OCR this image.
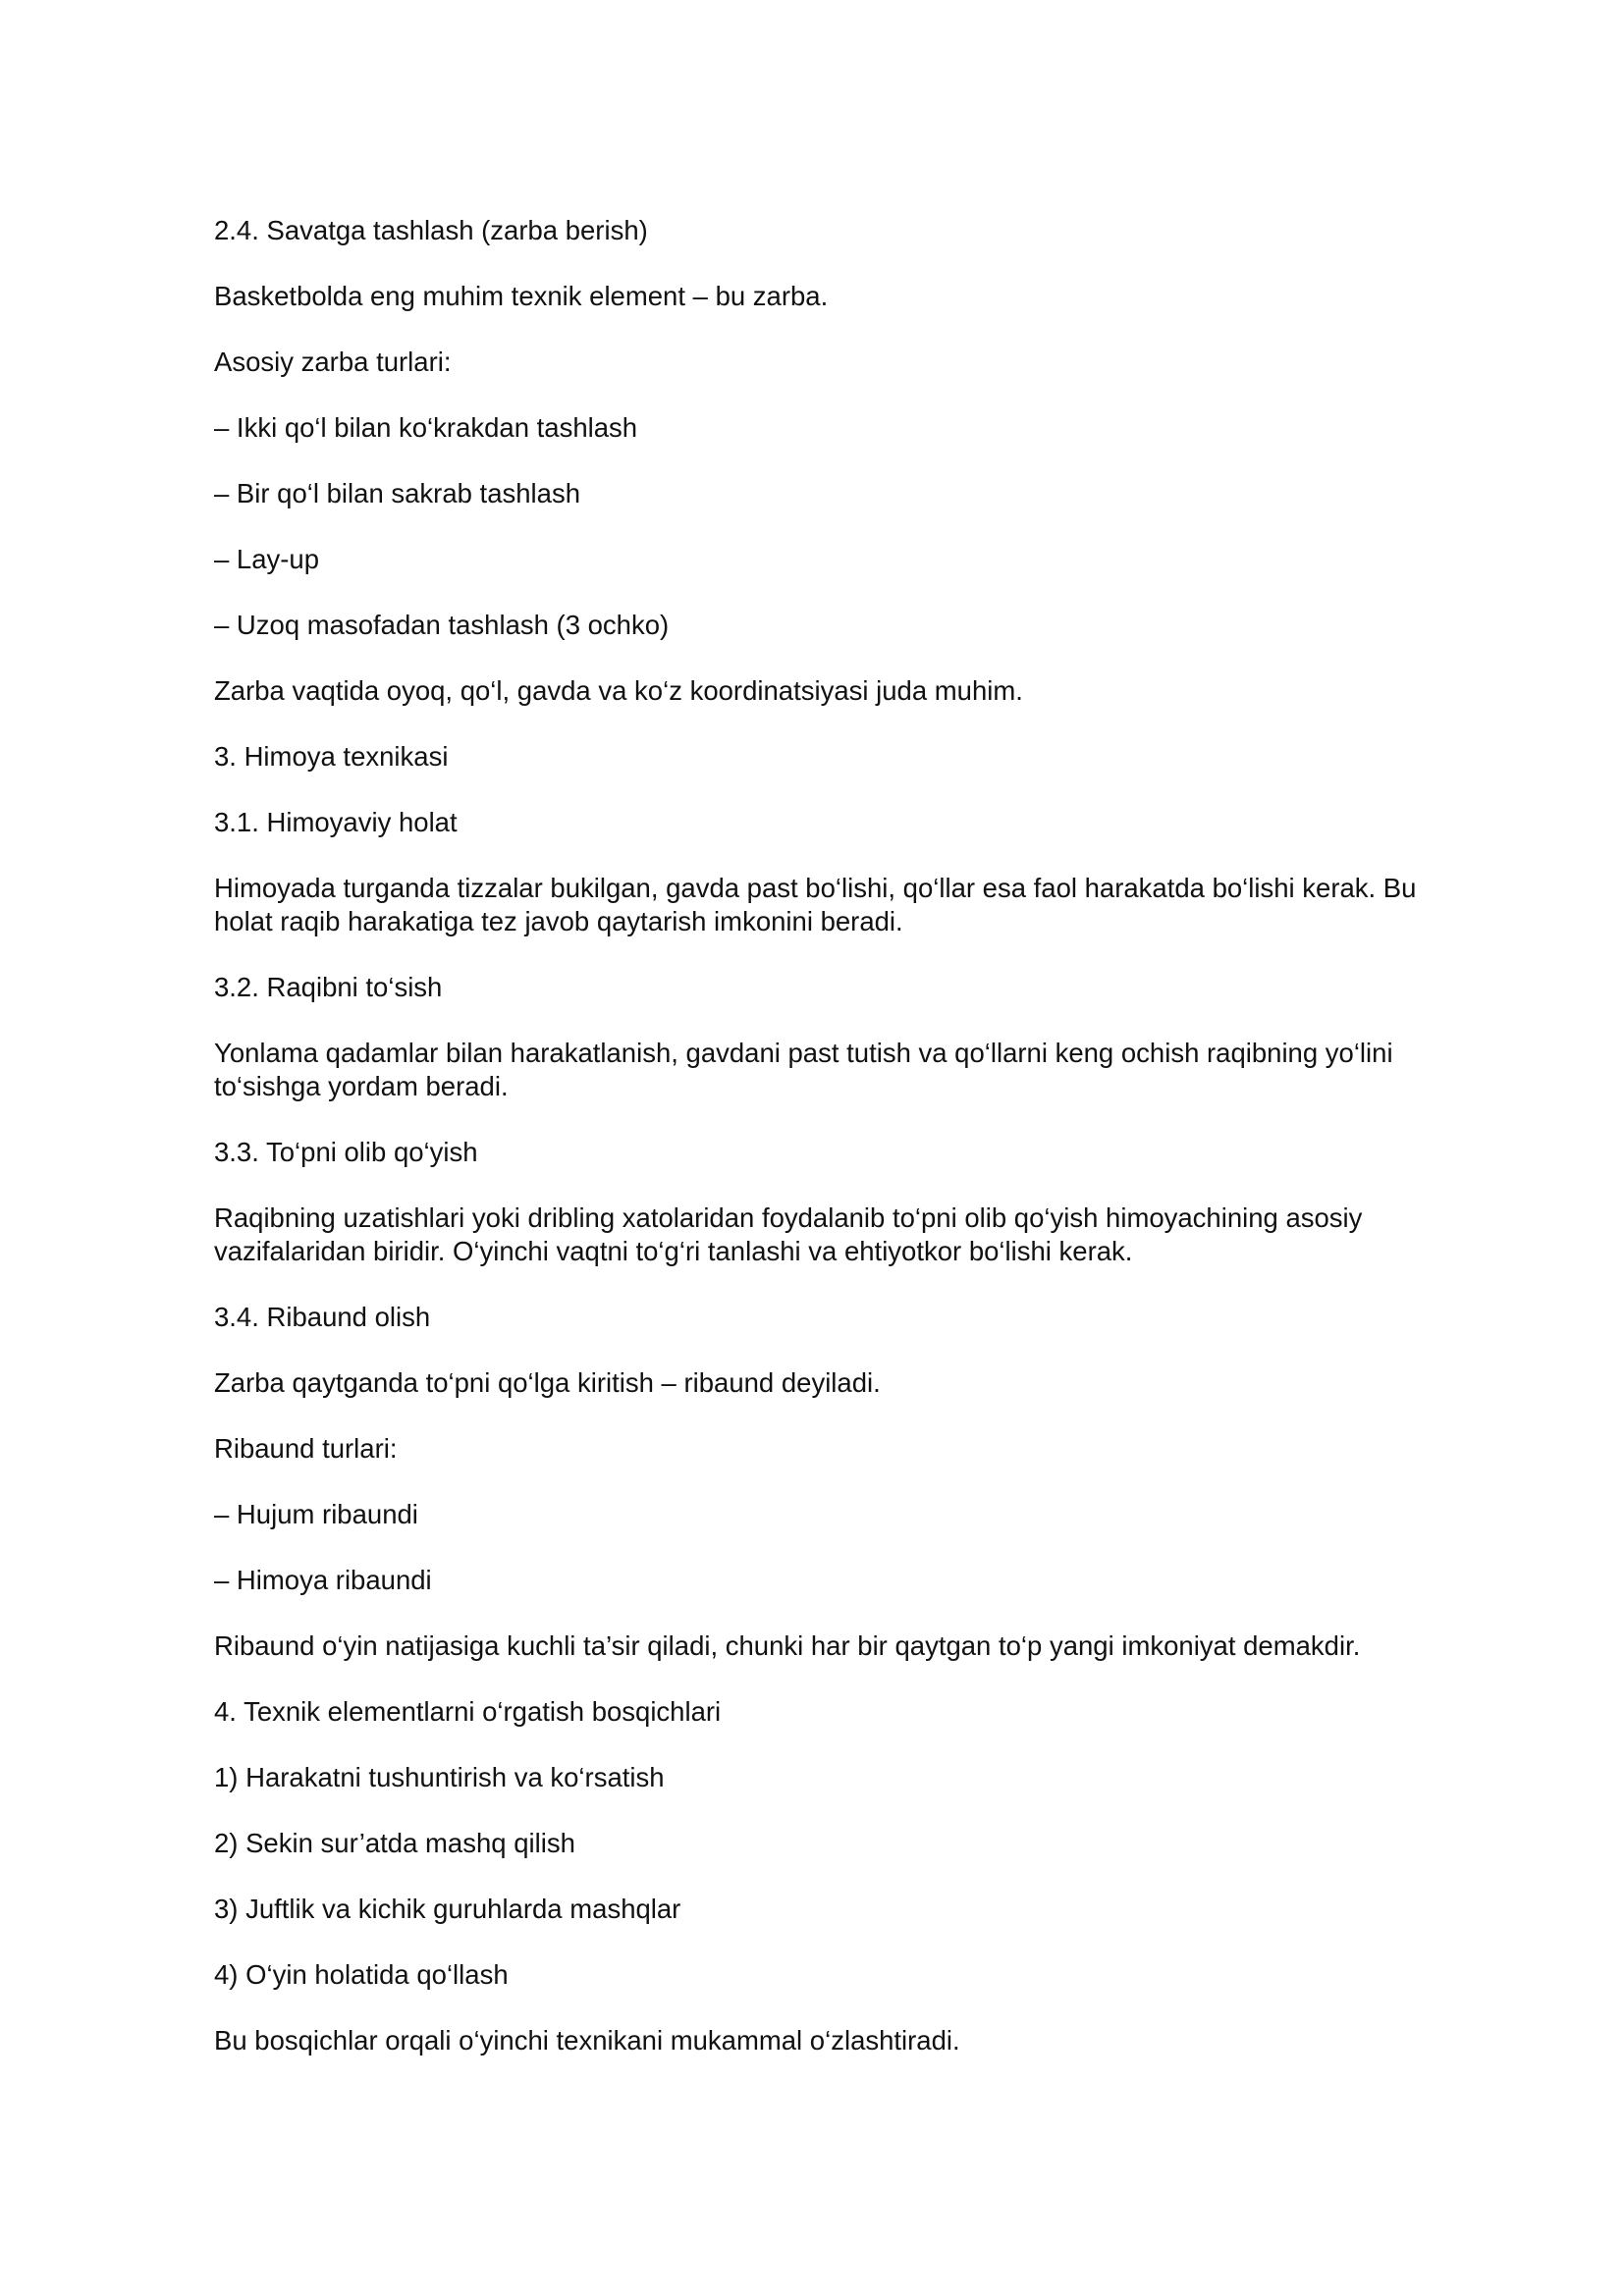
2.4. Savatga tashlash (zarba berish)

Basketbolda eng muhim texnik element – bu zarba.

Asosiy zarba turlari:

– Ikki qo‘l bilan ko‘krakdan tashlash

– Bir qo‘l bilan sakrab tashlash

– Lay-up

– Uzoq masofadan tashlash (3 ochko)

Zarba vaqtida oyoq, qo‘l, gavda va ko‘z koordinatsiyasi juda muhim.

3. Himoya texnikasi

3.1. Himoyaviy holat

Himoyada turganda tizzalar bukilgan, gavda past bo‘lishi, qo‘llar esa faol harakatda bo‘lishi kerak. Bu holat raqib harakatiga tez javob qaytarish imkonini beradi.

3.2. Raqibni to‘sish

Yonlama qadamlar bilan harakatlanish, gavdani past tutish va qo‘llarni keng ochish raqibning yo‘lini to‘sishga yordam beradi.

3.3. To‘pni olib qo‘yish

Raqibning uzatishlari yoki dribling xatolaridan foydalanib to‘pni olib qo‘yish himoyachining asosiy vazifalaridan biridir. O‘yinchi vaqtni to‘g‘ri tanlashi va ehtiyotkor bo‘lishi kerak.

3.4. Ribaund olish

Zarba qaytganda to‘pni qo‘lga kiritish – ribaund deyiladi.

Ribaund turlari:

– Hujum ribaundi

– Himoya ribaundi

Ribaund o‘yin natijasiga kuchli ta’sir qiladi, chunki har bir qaytgan to‘p yangi imkoniyat demakdir.

4. Texnik elementlarni o‘rgatish bosqichlari

1) Harakatni tushuntirish va ko‘rsatish

2) Sekin sur’atda mashq qilish

3) Juftlik va kichik guruhlarda mashqlar

4) O‘yin holatida qo‘llash

Bu bosqichlar orqali o‘yinchi texnikani mukammal o‘zlashtiradi.
